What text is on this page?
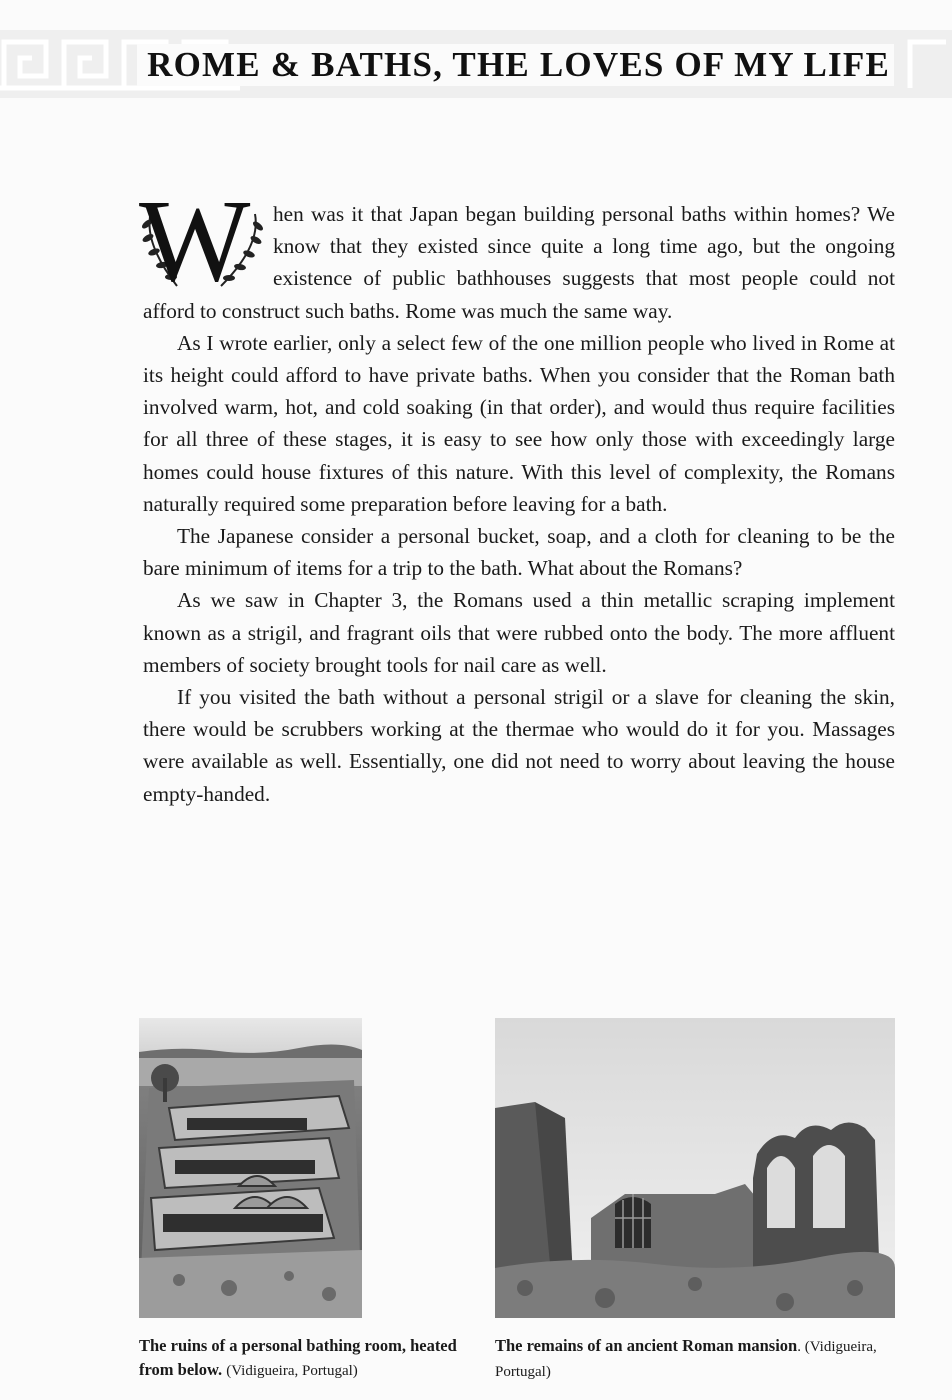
ROME & BATHS, THE LOVES OF MY LIFE
W	hen was it that Japan began building personal baths within homes? We know that they existed since quite a long time ago, but the ongoing existence of public bathhouses suggests that most people could not afford to construct such baths. Rome was much the same way.

As I wrote earlier, only a select few of the one million people who lived in Rome at its height could afford to have private baths. When you consider that the Roman bath involved warm, hot, and cold soaking (in that order), and would thus require facilities for all three of these stages, it is easy to see how only those with exceedingly large homes could house fixtures of this nature. With this level of complexity, the Romans naturally required some preparation before leaving for a bath.

The Japanese consider a personal bucket, soap, and a cloth for cleaning to be the bare minimum of items for a trip to the bath. What about the Romans?

As we saw in Chapter 3, the Romans used a thin metallic scraping implement known as a strigil, and fragrant oils that were rubbed onto the body. The more affluent members of society brought tools for nail care as well.

If you visited the bath without a personal strigil or a slave for cleaning the skin, there would be scrubbers working at the thermae who would do it for you. Massages were available as well. Essentially, one did not need to worry about leaving the house empty-handed.

The ruins of a personal bathing room, heated from below. (Vidigueira, Portugal)
The remains of an ancient Roman mansion. (Vidigueira, Portugal)
